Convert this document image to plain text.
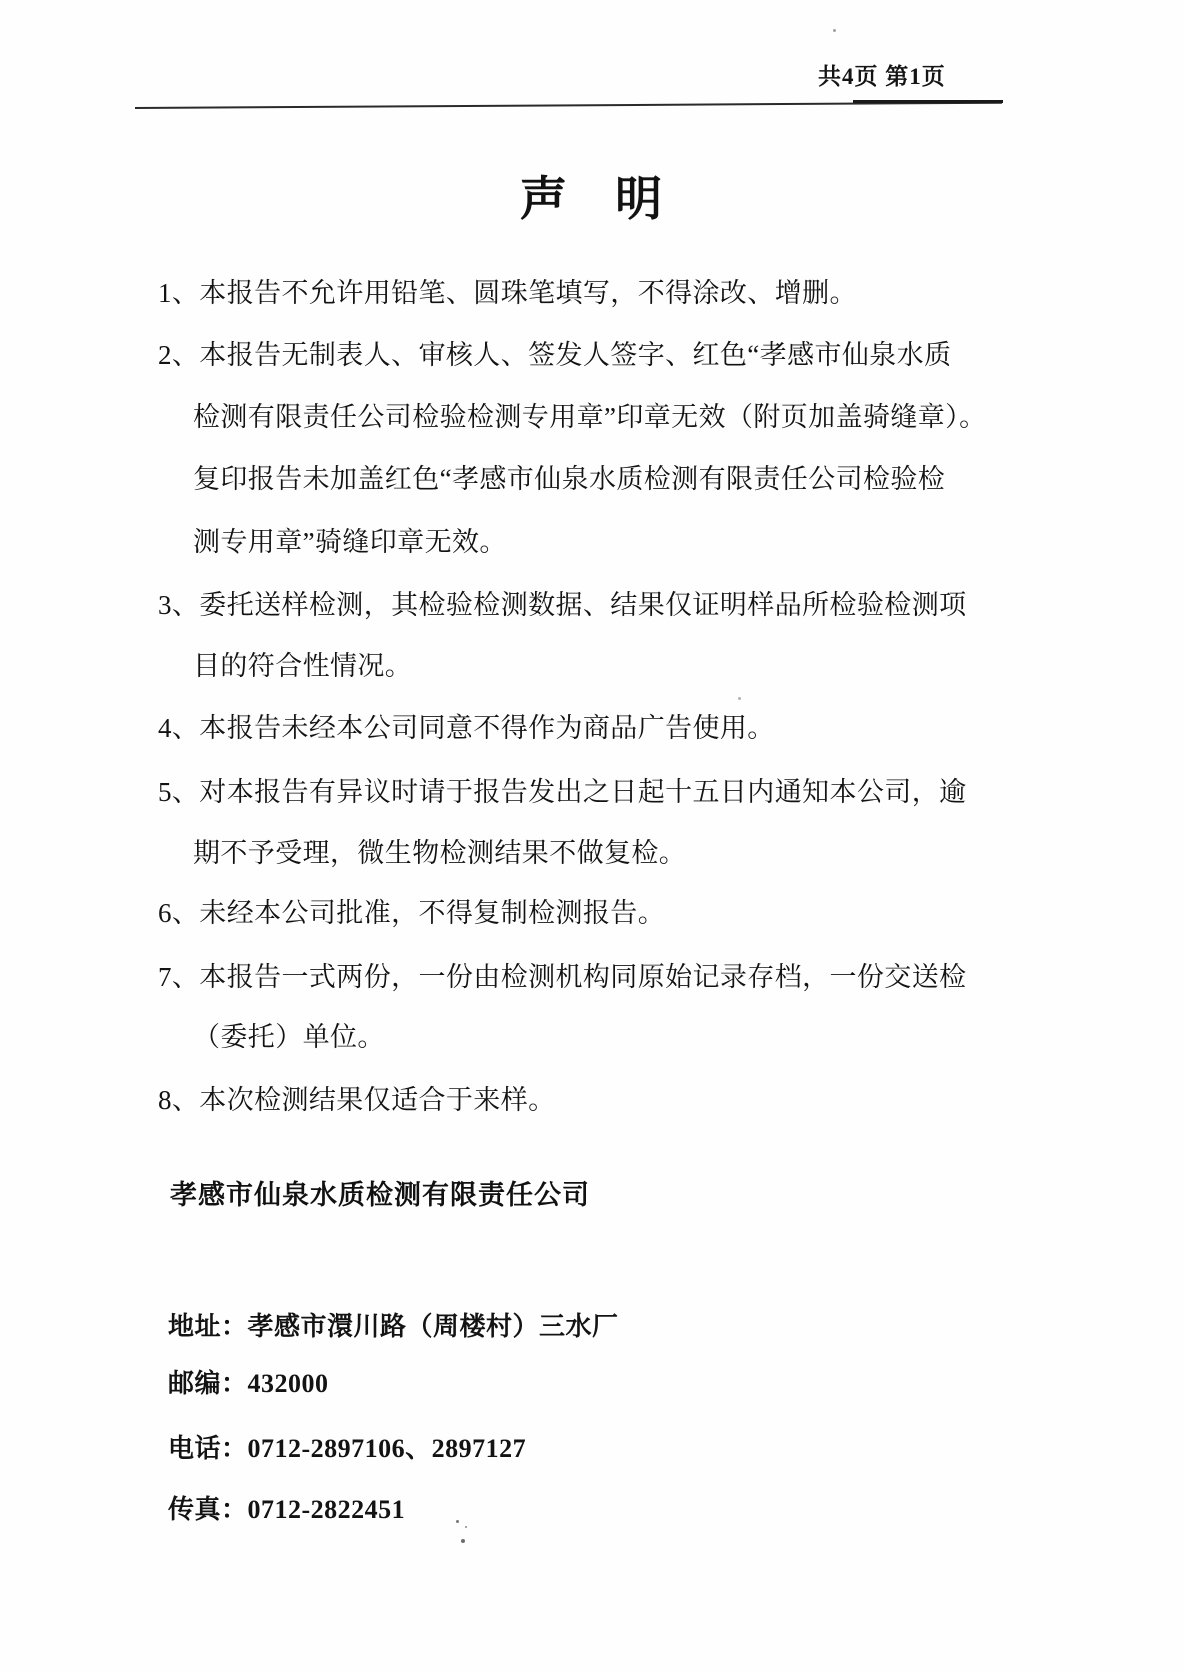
共4页 第1页
声 明
1、本报告不允许用铅笔、圆珠笔填写，不得涂改、增删。
2、本报告无制表人、审核人、签发人签字、红色“孝感市仙泉水质
检测有限责任公司检验检测专用章”印章无效（附页加盖骑缝章）。
复印报告未加盖红色“孝感市仙泉水质检测有限责任公司检验检
测专用章”骑缝印章无效。
3、委托送样检测，其检验检测数据、结果仅证明样品所检验检测项
目的符合性情况。
4、本报告未经本公司同意不得作为商品广告使用。
5、对本报告有异议时请于报告发出之日起十五日内通知本公司，逾
期不予受理，微生物检测结果不做复检。
6、未经本公司批准，不得复制检测报告。
7、本报告一式两份，一份由检测机构同原始记录存档，一份交送检
（委托）单位。
8、本次检测结果仅适合于来样。
孝感市仙泉水质检测有限责任公司
地址：孝感市澴川路（周楼村）三水厂
邮编：432000
电话：0712-2897106、2897127
传真：0712-2822451
